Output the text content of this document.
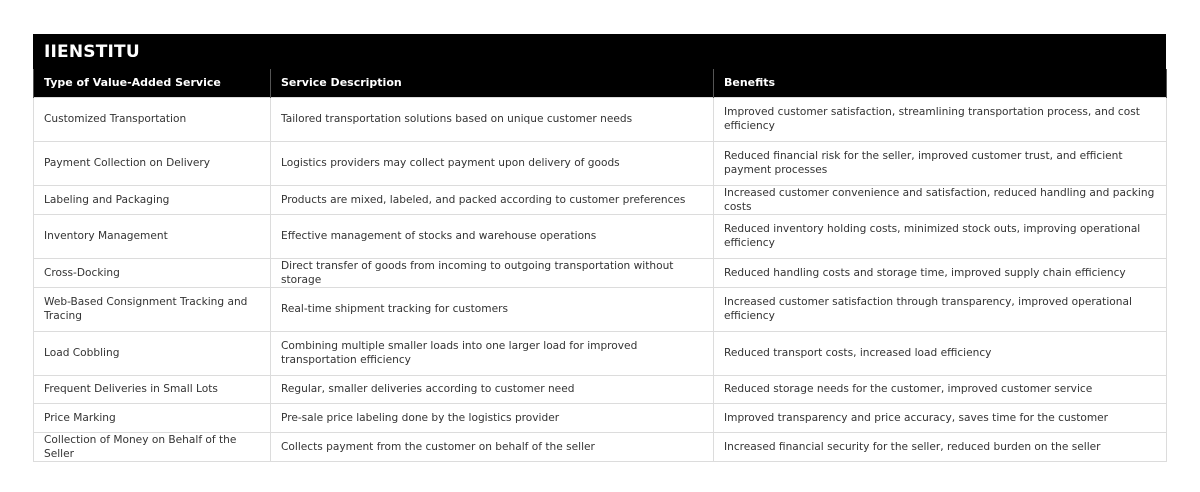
IIENSTITU
Type of Value-Added Service	Service Description	Benefits
Customized Transportation	Tailored transportation solutions based on unique customer needs	Improved customer satisfaction, streamlining transportation process, and cost efficiency
Payment Collection on Delivery	Logistics providers may collect payment upon delivery of goods	Reduced financial risk for the seller, improved customer trust, and efficient payment processes
Labeling and Packaging	Products are mixed, labeled, and packed according to customer preferences	Increased customer convenience and satisfaction, reduced handling and packing costs
Inventory Management	Effective management of stocks and warehouse operations	Reduced inventory holding costs, minimized stock outs, improving operational efficiency
Cross-Docking	Direct transfer of goods from incoming to outgoing transportation without storage	Reduced handling costs and storage time, improved supply chain efficiency
Web-Based Consignment Tracking and Tracing	Real-time shipment tracking for customers	Increased customer satisfaction through transparency, improved operational efficiency
Load Cobbling	Combining multiple smaller loads into one larger load for improved transportation efficiency	Reduced transport costs, increased load efficiency
Frequent Deliveries in Small Lots	Regular, smaller deliveries according to customer need	Reduced storage needs for the customer, improved customer service
Price Marking	Pre-sale price labeling done by the logistics provider	Improved transparency and price accuracy, saves time for the customer
Collection of Money on Behalf of the Seller	Collects payment from the customer on behalf of the seller	Increased financial security for the seller, reduced burden on the seller
